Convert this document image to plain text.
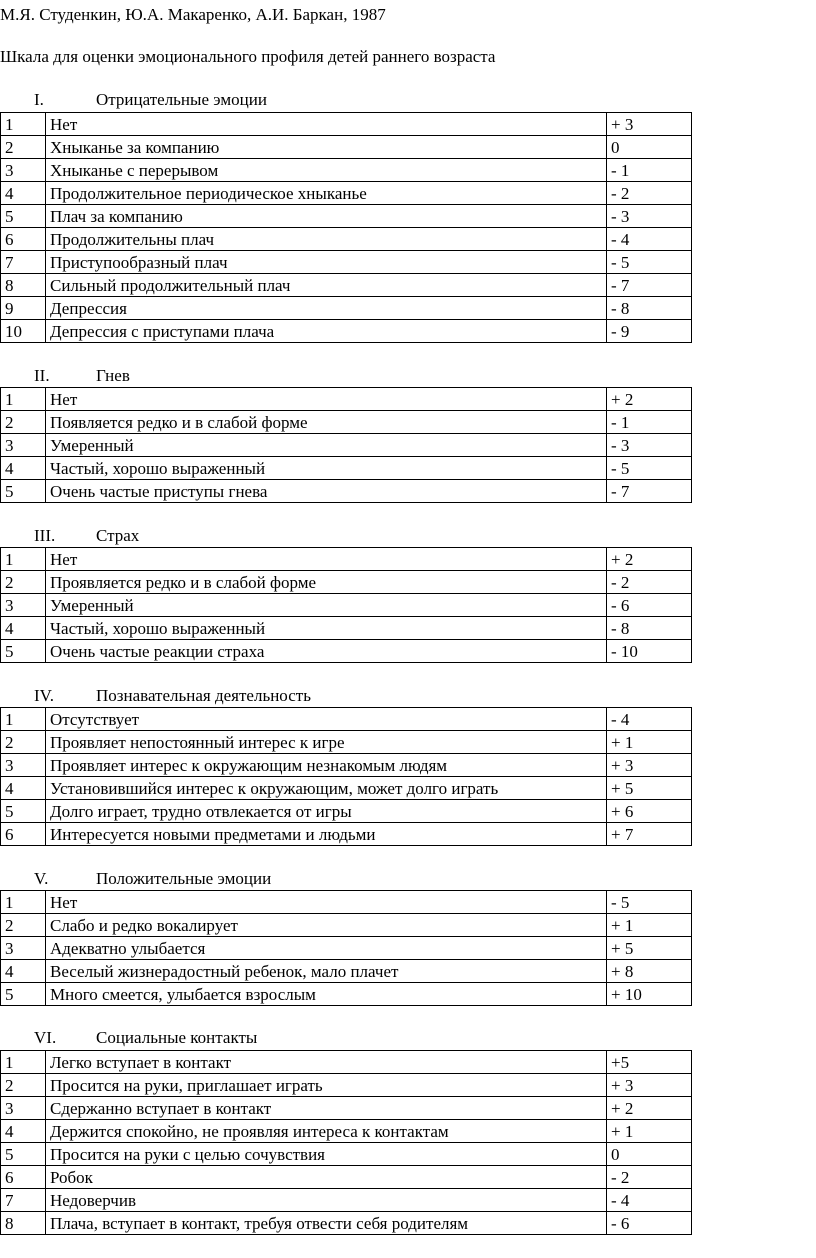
М.Я. Студенкин, Ю.А. Макаренко, А.И. Баркан, 1987
Шкала для оценки эмоционального профиля детей раннего возраста
I.	Отрицательные эмоции
1	Нет	+ 3
2	Хныканье за компанию	0
3	Хныканье с перерывом	- 1
4	Продолжительное периодическое хныканье	- 2
5	Плач за компанию	- 3
6	Продолжительны плач	- 4
7	Приступообразный плач	- 5
8	Сильный продолжительный плач	- 7
9	Депрессия	- 8
10	Депрессия с приступами плача	- 9
II.	Гнев
1	Нет	+ 2
2	Появляется редко и в слабой форме	- 1
3	Умеренный	- 3
4	Частый, хорошо выраженный	- 5
5	Очень частые приступы гнева	- 7
III. Страх
1	Нет	+ 2
2	Проявляется редко и в слабой форме	- 2
3	Умеренный	- 6
4	Частый, хорошо выраженный	- 8
5	Очень частые реакции страха	- 10
IV. Познавательная деятельность
1	Отсутствует	- 4
2	Проявляет непостоянный интерес к игре	+ 1
3	Проявляет интерес к окружающим незнакомым людям	+ 3
4	Установившийся интерес к окружающим, может долго играть	+ 5
5	Долго играет, трудно отвлекается от игры	+ 6
6	Интересуется новыми предметами и людьми	+ 7
V.	Положительные эмоции
1	Нет	- 5
2	Слабо и редко вокалирует	+ 1
3	Адекватно улыбается	+ 5
4	Веселый жизнерадостный ребенок, мало плачет	+ 8
5	Много смеется, улыбается взрослым	+ 10
VI. Социальные контакты
1	Легко вступает в контакт	+5
2	Просится на руки, приглашает играть	+ 3
3	Сдержанно вступает в контакт	+ 2
4	Держится спокойно, не проявляя интереса к контактам	+ 1
5	Просится на руки с целью сочувствия	0
6	Робок	- 2
7	Недоверчив	- 4
8	Плача, вступает в контакт, требуя отвести себя родителям	- 6
